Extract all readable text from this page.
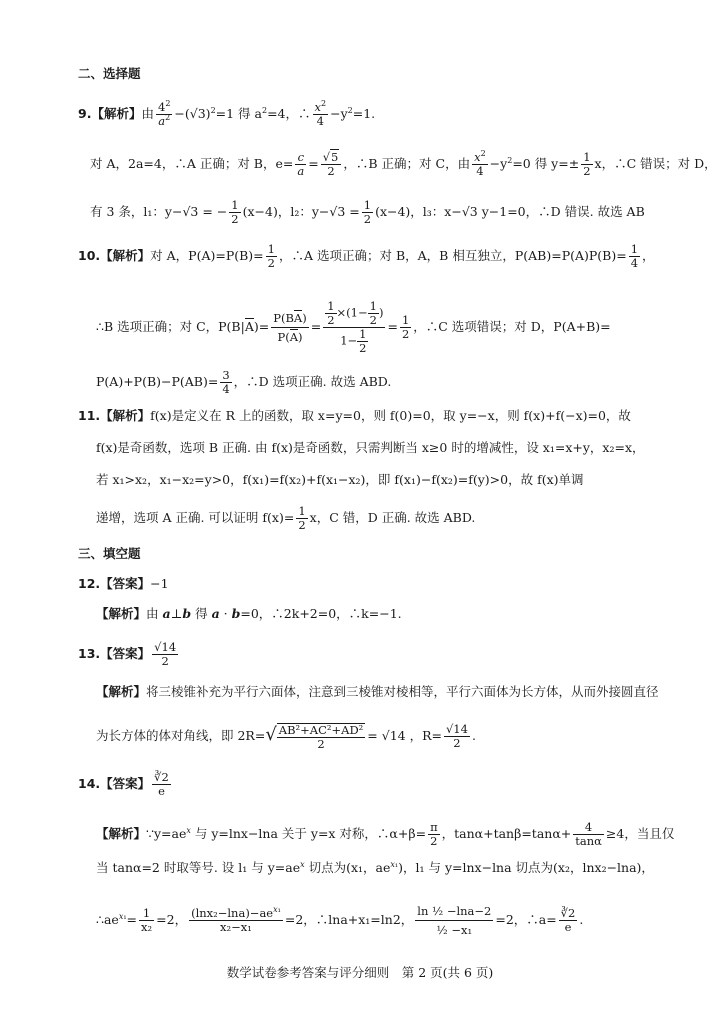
二、选择题
9.【解析】由 $\frac{4^2}{a^2} -(√3)^2=1$ 得 $a^2=4$，∴ $\frac{x^2}{4} -y^2=1$.
对 A，2a=4，∴A 正确；对 B，$e= \frac{c}{a} = \frac{√5}{2}$ ，∴B 正确；对 C，由 $\frac{x^2}{4} -y^2=0$ 得 $y=\pm \frac{1}{2}$ x，∴C 错误；对 D，
有 3 条，l₁：y−√3 = − $\frac{1}{2} (x-4)$，l₂：$y-√3 = \frac{1}{2} (x-4)$，l₃：x−√3 y−1=0，∴D 错误. 故选 AB
10.【解析】对 A，$P(A)=P(B)= \frac{1}{2}$ ，∴A 选项正确；对 B，A，B 相互独立，$P(AB)=P(A)P(B)= \frac{1}{4}$ ，
∴B 选项正确；对 C，$P(B|A)= \frac{P(BA)}{P(A)} = \frac{\frac{1}{2} \times(1- \frac{1}{2} )}{1- \frac{1}{2}} = \frac{1}{2}$ ，∴C 选项错误；对 D，P(A+B)=
$P(A)+P(B)-P(AB)= \frac{3}{4}$ ，∴D 选项正确. 故选 ABD.
11.【解析】f(x)是定义在 R 上的函数，取 x=y=0，则 f(0)=0，取 y=−x，则 f(x)+f(−x)=0，故
f(x)是奇函数，选项 B 正确. 由 f(x)是奇函数，只需判断当 x≥0 时的增减性，设 x₁=x+y，x₂=x，
若 x₁>x₂，x₁−x₂=y>0，f(x₁)=f(x₂)+f(x₁−x₂)，即 f(x₁)−f(x₂)=f(y)>0，故 f(x)单调
递增，选项 A 正确. 可以证明 $f(x)= \frac{1}{2}$ x，C 错，D 正确. 故选 ABD.
三、填空题
12.【答案】−1
【解析】由 a⊥b 得 a · b=0，∴2k+2=0，∴k=−1.
13.【答案】 $\frac{√14}{2}$
【解析】将三棱锥补充为平行六面体，注意到三棱锥对棱相等，平行六面体为长方体，从而外接圆直径
为长方体的体对角线，即 $2R=√ \frac{\text{AB²+AC²+AD²}}{2} = √14$ ，$R= \frac{√14}{2}$ .
14.【答案】 $\frac{∛2}{e}$
【解析】$\because y=ae^x$ 与 y=lnx−lna 关于 y=x 对称，∴α+β= $\frac{\pi}{2}$ ，$\tan\alpha+\tan\beta=\tan\alpha+ \frac{4}{\tan\alpha} \ge 4$，当且仅
当 tanα=2 时取等号. 设 l₁ 与 $y=ae^x$ 切点为(x₁，$ae^{x_1}$)，l₁ 与 y=lnx−lna 切点为(x₂，lnx₂−lna)，
$\therefore ae^{x_1}= \frac{1}{\text{x₂}} =2$， $\frac{(\ln x_2-\ln a)-ae^{x_1}}{\text{x₂−x₁}} =2$，∴lna+x₁=ln2， $\frac{\text{ln ½ −lna−2}}{\text{½ −x₁}} =2$，∴a= $\frac{∛2}{e}$ .
数学试卷参考答案与评分细则　第 2 页(共 6 页)
